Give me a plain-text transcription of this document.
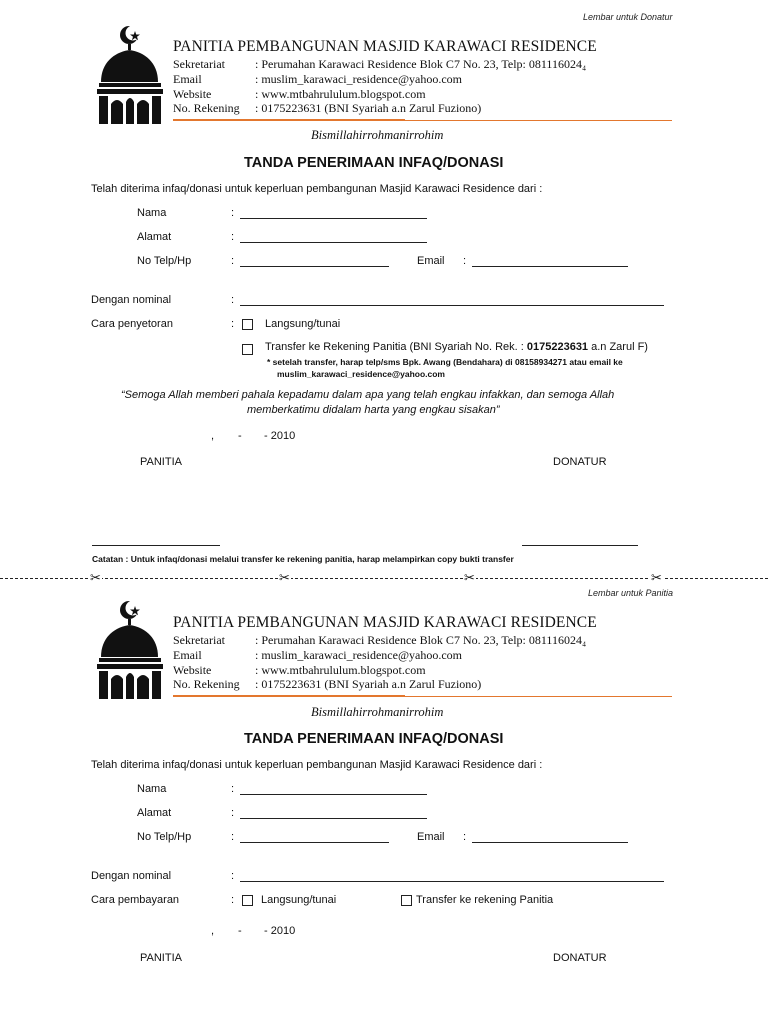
Lembar untuk Donatur
PANITIA PEMBANGUNAN MASJID KARAWACI RESIDENCE
Sekretariat	: Perumahan Karawaci Residence Blok C7 No. 23, Telp: 081116024₄
Email	: muslim_karawaci_residence@yahoo.com
Website	: www.mtbahrululum.blogspot.com
No. Rekening : 0175223631 (BNI Syariah a.n Zarul Fuziono)
Bismillahirrohmanirrohim
TANDA PENERIMAAN INFAQ/DONASI
Telah diterima infaq/donasi untuk keperluan pembangunan Masjid Karawaci Residence dari :
Nama	:
Alamat	:
No Telp/Hp	:	Email :
Dengan nominal	:
Cara penyetoran	:	Langsung/tunai
Transfer ke Rekening Panitia (BNI Syariah No. Rek. : 0175223631 a.n Zarul F)
* setelah transfer, harap telp/sms Bpk. Awang (Bendahara) di 08158934271 atau email ke
muslim_karawaci_residence@yahoo.com
“Semoga Allah memberi pahala kepadamu dalam apa yang telah engkau infakkan, dan semoga Allah
memberkatimu didalam harta yang engkau sisakan”
, - - 2010
PANITIA	DONATUR
Catatan : Untuk infaq/donasi melalui transfer ke rekening panitia, harap melampirkan copy bukti transfer
✂	✂	✂	✂
Lembar untuk Panitia
PANITIA PEMBANGUNAN MASJID KARAWACI RESIDENCE
Sekretariat	: Perumahan Karawaci Residence Blok C7 No. 23, Telp: 081116024₄
Email	: muslim_karawaci_residence@yahoo.com
Website	: www.mtbahrululum.blogspot.com
No. Rekening : 0175223631 (BNI Syariah a.n Zarul Fuziono)
Bismillahirrohmanirrohim
TANDA PENERIMAAN INFAQ/DONASI
Telah diterima infaq/donasi untuk keperluan pembangunan Masjid Karawaci Residence dari :
Nama	:
Alamat	:
No Telp/Hp	:	Email :
Dengan nominal	:
Cara pembayaran	: Langsung/tunai	Transfer ke rekening Panitia
, - - 2010
PANITIA	DONATUR
